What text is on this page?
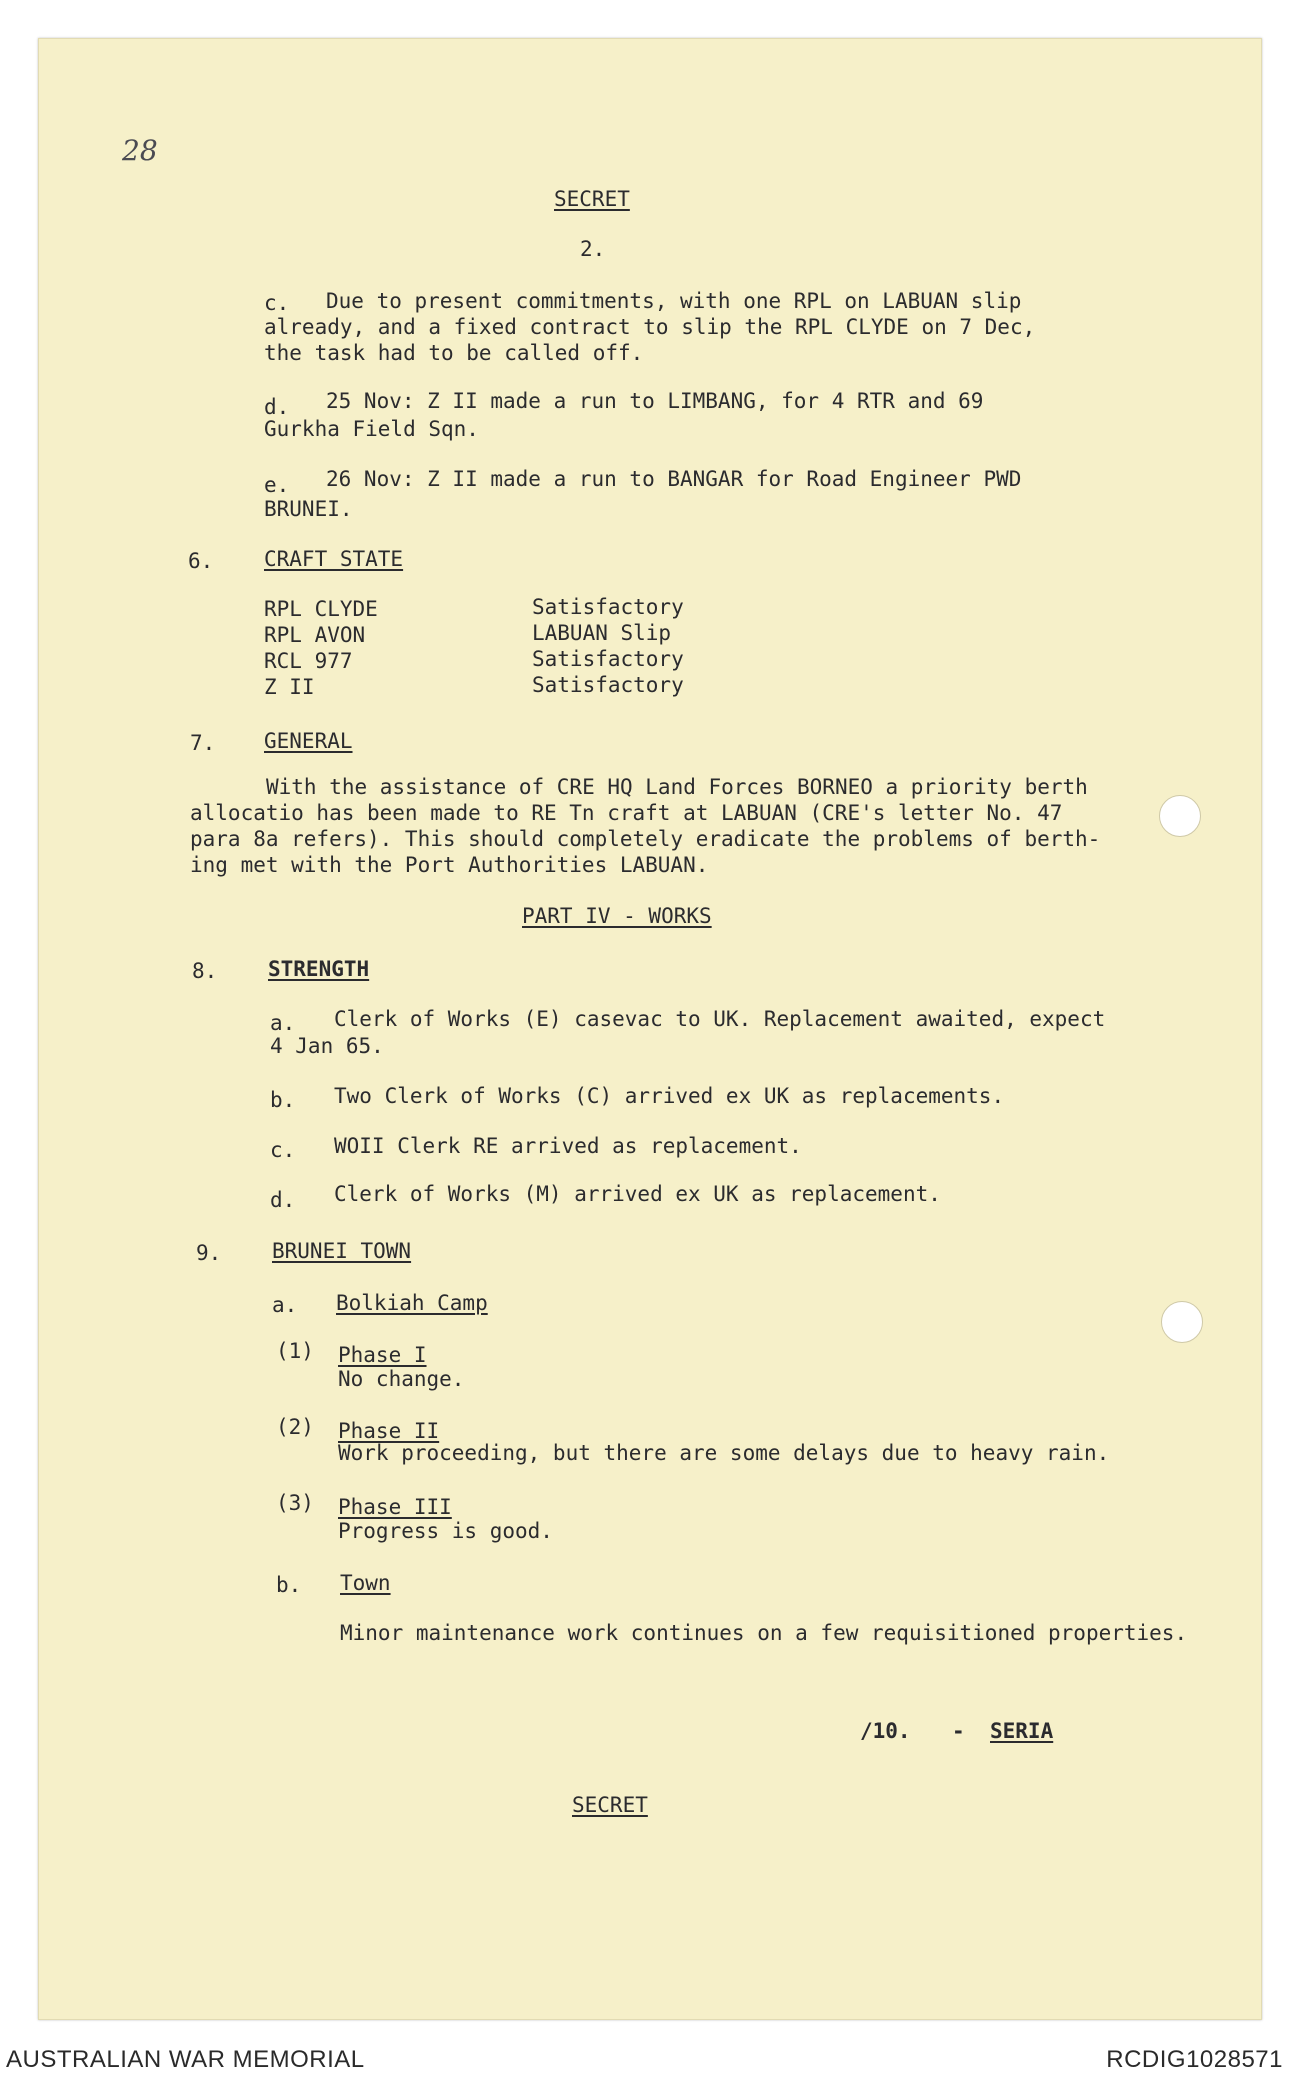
28
SECRET
2.
c. Due to present commitments, with one RPL on LABUAN slip
already, and a fixed contract to slip the RPL CLYDE on 7 Dec,
the task had to be called off.
d. 25 Nov: Z II made a run to LIMBANG, for 4 RTR and 69
Gurkha Field Sqn.
e. 26 Nov: Z II made a run to BANGAR for Road Engineer PWD
BRUNEI.
6. CRAFT STATE
RPL CLYDE	Satisfactory
RPL AVON	LABUAN Slip
RCL 977	Satisfactory
Z II	Satisfactory
7. GENERAL
With the assistance of CRE HQ Land Forces BORNEO a priority berth
allocatio has been made to RE Tn craft at LABUAN (CRE's letter No. 47
para 8a refers). This should completely eradicate the problems of berth-
ing met with the Port Authorities LABUAN.
PART IV - WORKS
8. STRENGTH
a. Clerk of Works (E) casevac to UK. Replacement awaited, expect
4 Jan 65.
b. Two Clerk of Works (C) arrived ex UK as replacements.
c. WOII Clerk RE arrived as replacement.
d. Clerk of Works (M) arrived ex UK as replacement.
9. BRUNEI TOWN
a. Bolkiah Camp
(1) Phase I
No change.
(2) Phase II
Work proceeding, but there are some delays due to heavy rain.
(3) Phase III
Progress is good.
b. Town
Minor maintenance work continues on a few requisitioned properties.
/10. - SERIA
SECRET
AUSTRALIAN WAR MEMORIAL	RCDIG1028571
